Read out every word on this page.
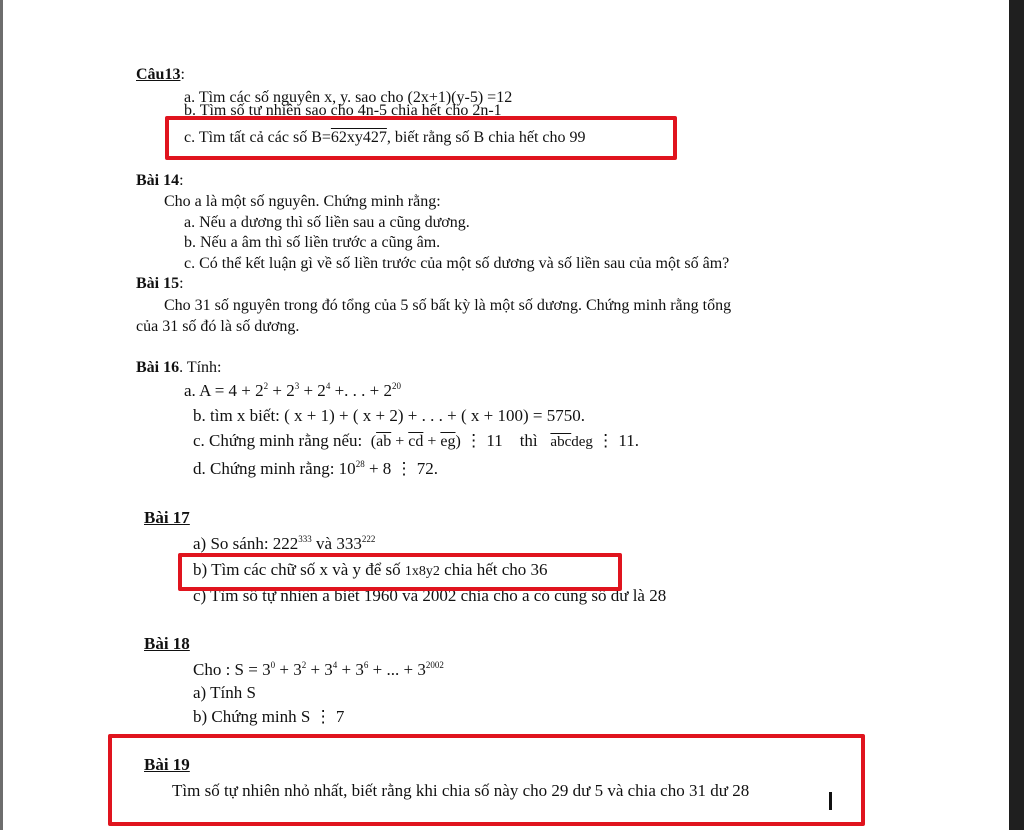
Câu13:
a. Tìm các số nguyên x, y. sao cho (2x+1)(y-5) =12
b. Tìm số tự nhiên sao cho 4n-5 chia hết cho 2n-1
c. Tìm tất cả các số B=62xy427, biết rằng số B chia hết cho 99
Bài 14:
Cho a là một số nguyên. Chứng minh rằng:
a. Nếu a dương thì số liền sau a cũng dương.
b. Nếu a âm thì số liền trước a cũng âm.
c. Có thể kết luận gì về số liền trước của một số dương và số liền sau của một số âm?
Bài 15:
Cho 31 số nguyên trong đó tổng của 5 số bất kỳ là một số dương. Chứng minh rằng tổng
của 31 số đó là số dương.
Bài 16. Tính:
a. $A = 4 + 2^2 + 2^3 + 2^4$ +. . . + $2^{20}$
b. tìm x biết: ( x + 1) + ( x + 2) + . . . + ( x + 100) = 5750.
c. Chứng minh rằng nếu: $(\overline{ab} + \overline{cd} + \overline{eg})$ ⋮ 11 thì $\overline{abc}deg$ ⋮ 11.
d. Chứng minh rằng: $10^{28} + 8$ ⋮ 72.
Bài 17
a) So sánh: $222^{333}$ và $333^{222}$
b) Tìm các chữ số x và y để số 1x8y2 chia hết cho 36
c) Tìm số tự nhiên a biết 1960 và 2002 chia cho a có cùng số dư là 28
Bài 18
Cho : $S = 3^0 + 3^2 + 3^4 + 3^6$ + ... + $3^{2002}$
a) Tính S
b) Chứng minh S ⋮ 7
Bài 19
Tìm số tự nhiên nhỏ nhất, biết rằng khi chia số này cho 29 dư 5 và chia cho 31 dư 28
